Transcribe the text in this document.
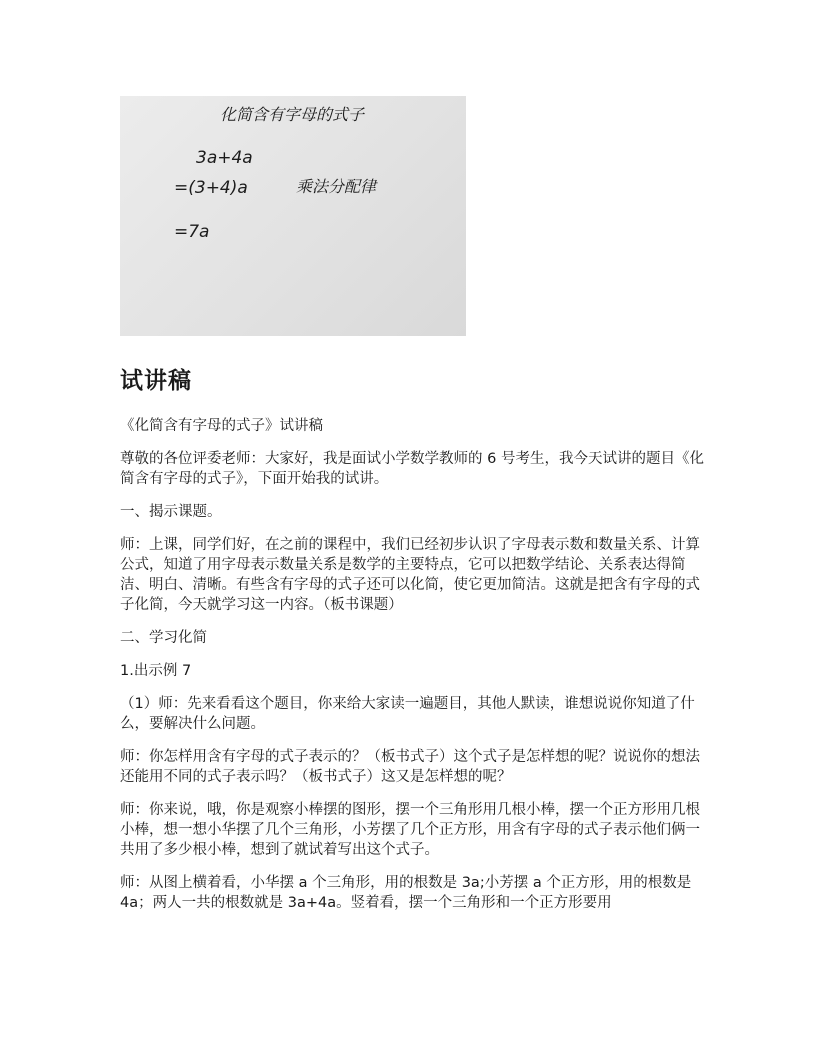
化简含有字母的式子
3a+4a
=(3+4)a	乘法分配律
=7a
试讲稿

《化简含有字母的式子》试讲稿

尊敬的各位评委老师：大家好，我是面试小学数学教师的 6 号考生，我今天试讲的题目《化简含有字母的式子》，下面开始我的试讲。

一、揭示课题。

师：上课，同学们好，在之前的课程中，我们已经初步认识了字母表示数和数量关系、计算公式，知道了用字母表示数量关系是数学的主要特点，它可以把数学结论、关系表达得简洁、明白、清晰。有些含有字母的式子还可以化简，使它更加简洁。这就是把含有字母的式子化简，今天就学习这一内容。（板书课题）

二、学习化简

1.出示例 7

（1）师：先来看看这个题目，你来给大家读一遍题目，其他人默读，谁想说说你知道了什么，要解决什么问题。

师：你怎样用含有字母的式子表示的？（板书式子）这个式子是怎样想的呢？说说你的想法还能用不同的式子表示吗？（板书式子）这又是怎样想的呢？

师：你来说，哦，你是观察小棒摆的图形，摆一个三角形用几根小棒，摆一个正方形用几根小棒，想一想小华摆了几个三角形，小芳摆了几个正方形，用含有字母的式子表示他们俩一共用了多少根小棒，想到了就试着写出这个式子。

师：从图上横着看，小华摆 a 个三角形，用的根数是 3a;小芳摆 a 个正方形，用的根数是 4a；两人一共的根数就是 3a+4a。竖着看，摆一个三角形和一个正方形要用
